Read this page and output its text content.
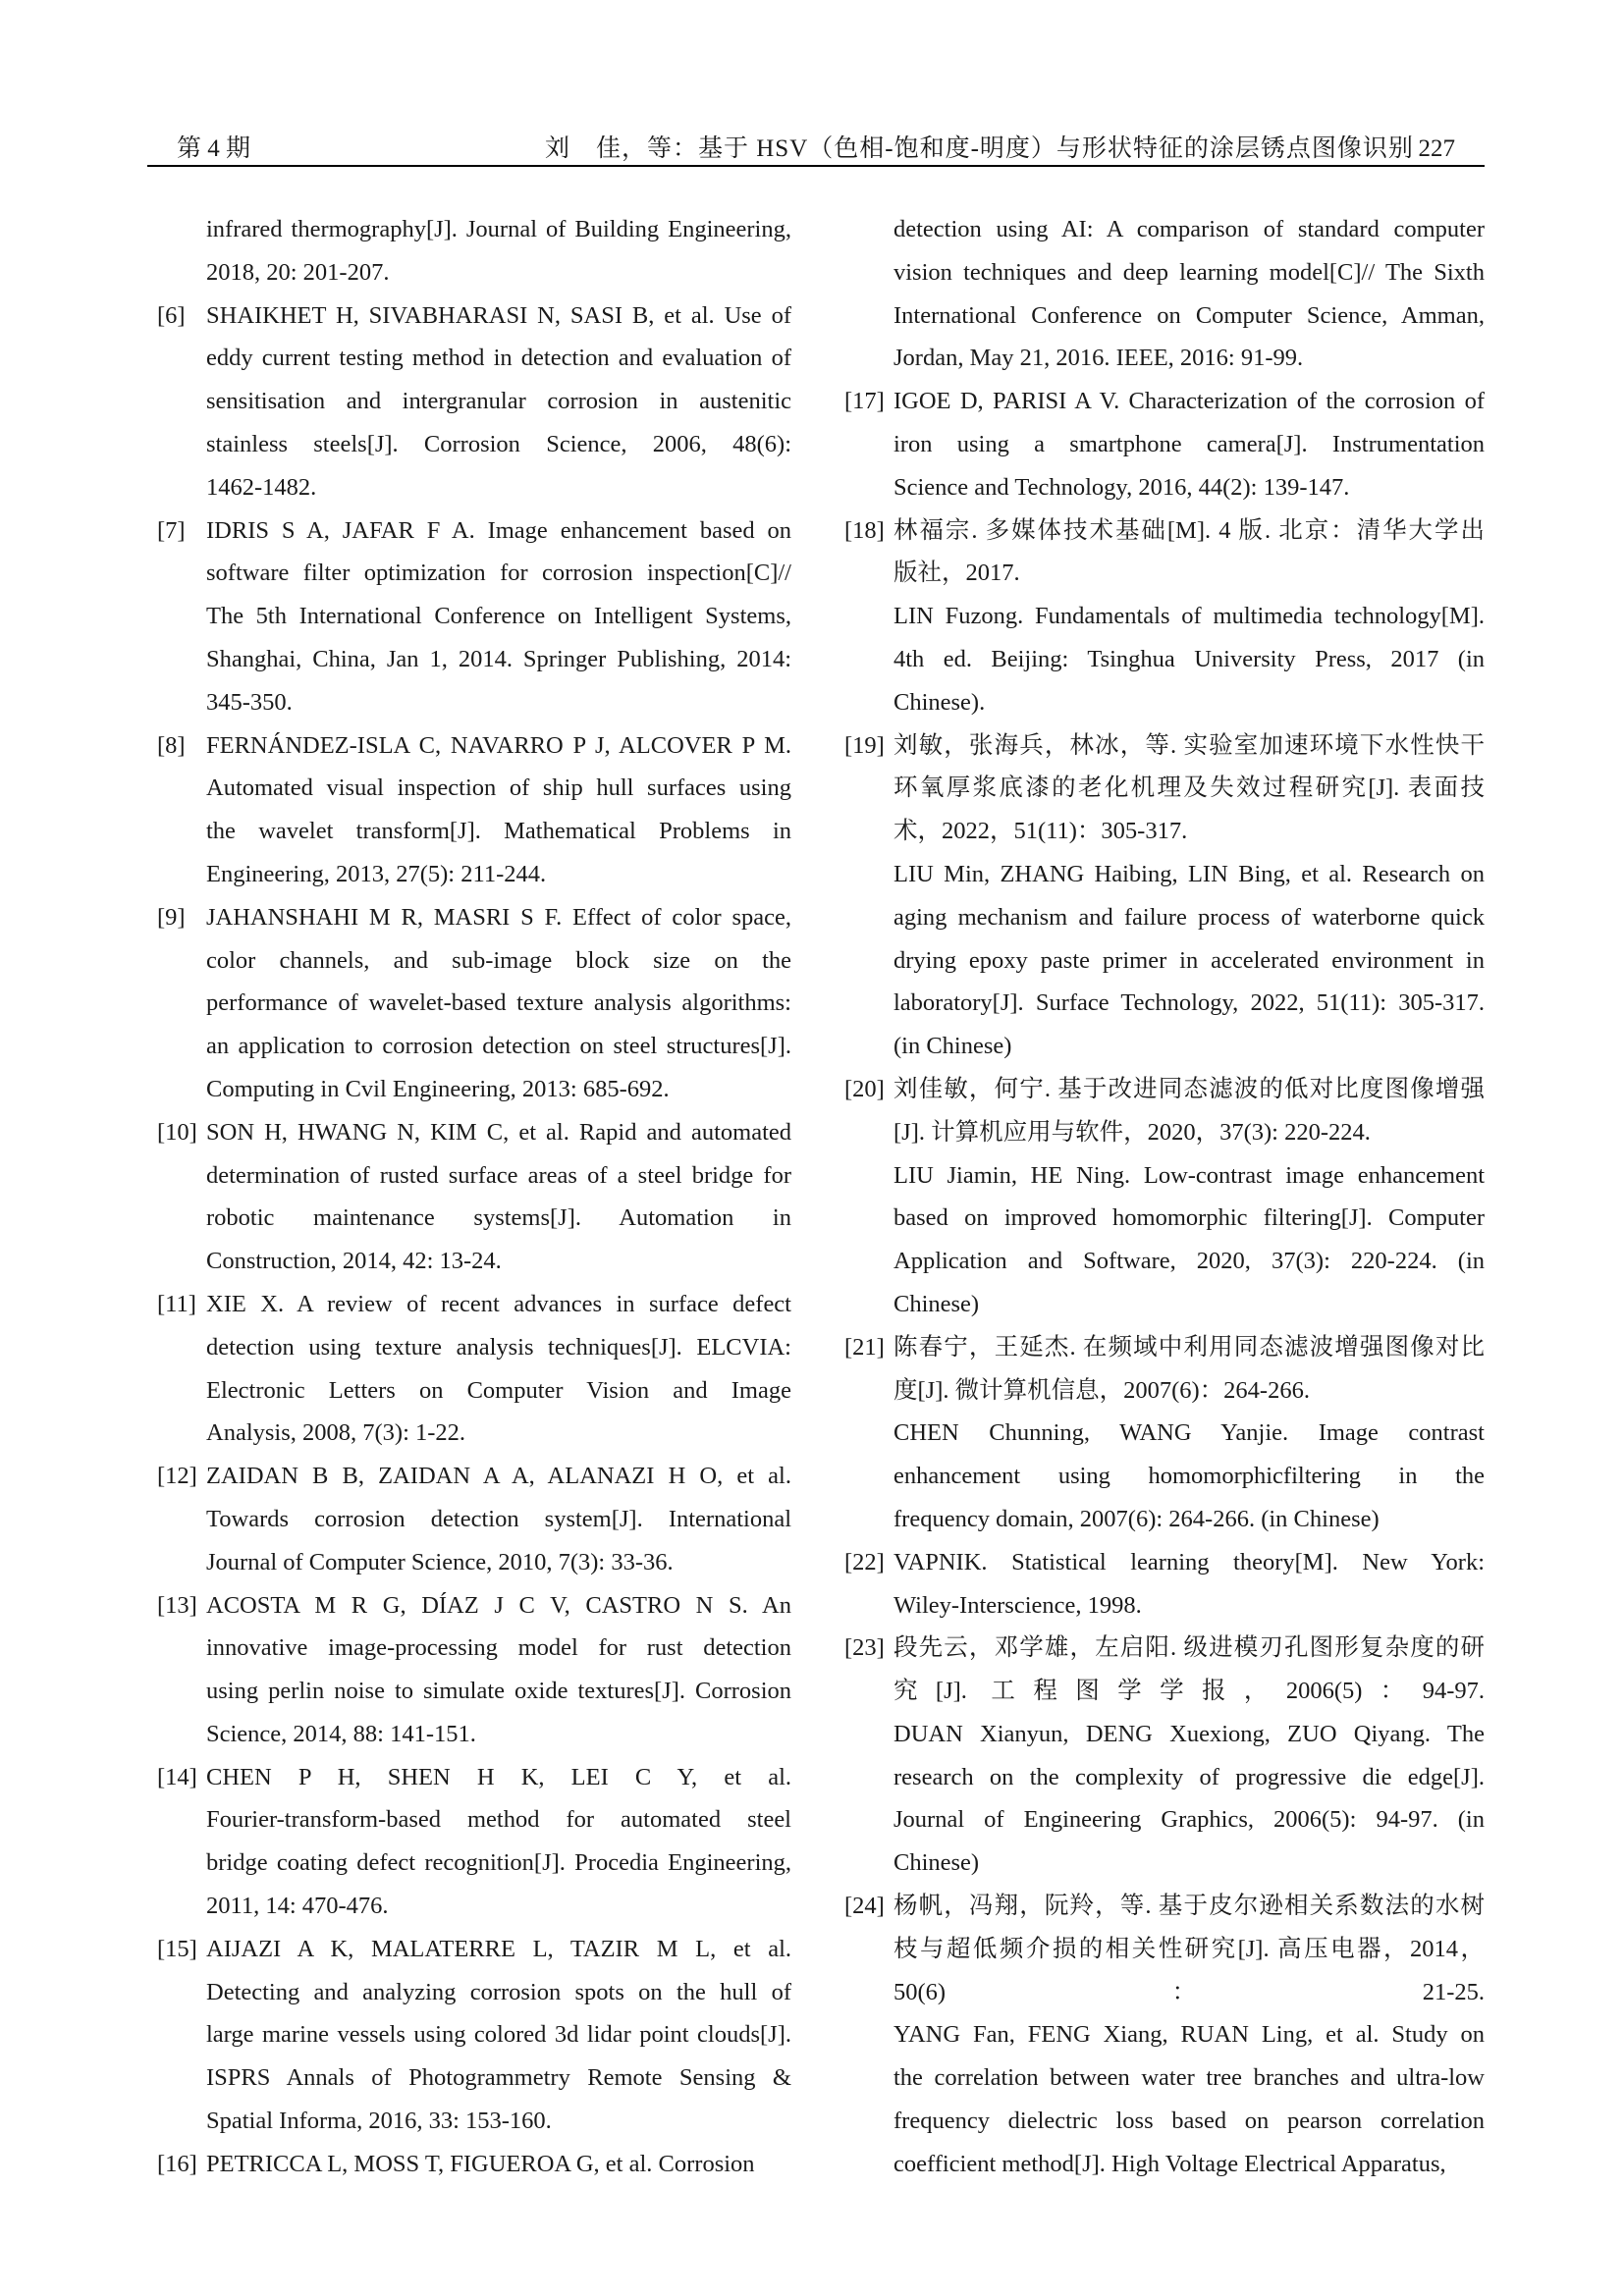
第 4 期	刘　佳，等：基于 HSV（色相-饱和度-明度）与形状特征的涂层锈点图像识别 227
infrared thermography[J]. Journal of Building Engineering,
2018, 20: 201-207.
[6] SHAIKHET H, SIVABHARASI N, SASI B, et al. Use of
eddy current testing method in detection and evaluation of
sensitisation and intergranular corrosion in austenitic
stainless steels[J]. Corrosion Science, 2006, 48(6):
1462-1482.
[7] IDRIS S A, JAFAR F A. Image enhancement based on
software filter optimization for corrosion inspection[C]//
The 5th International Conference on Intelligent Systems,
Shanghai, China, Jan 1, 2014. Springer Publishing, 2014:
345-350.
[8] FERNÁNDEZ-ISLA C, NAVARRO P J, ALCOVER P M.
Automated visual inspection of ship hull surfaces using
the wavelet transform[J]. Mathematical Problems in
Engineering, 2013, 27(5): 211-244.
[9] JAHANSHAHI M R, MASRI S F. Effect of color space,
color channels, and sub-image block size on the
performance of wavelet-based texture analysis algorithms:
an application to corrosion detection on steel structures[J].
Computing in Cvil Engineering, 2013: 685-692.
[10] SON H, HWANG N, KIM C, et al. Rapid and automated
determination of rusted surface areas of a steel bridge for
robotic maintenance systems[J]. Automation in
Construction, 2014, 42: 13-24.
[11] XIE X. A review of recent advances in surface defect
detection using texture analysis techniques[J]. ELCVIA:
Electronic Letters on Computer Vision and Image
Analysis, 2008, 7(3): 1-22.
[12] ZAIDAN B B, ZAIDAN A A, ALANAZI H O, et al.
Towards corrosion detection system[J]. International
Journal of Computer Science, 2010, 7(3): 33-36.
[13] ACOSTA M R G, DÍAZ J C V, CASTRO N S. An
innovative image-processing model for rust detection
using perlin noise to simulate oxide textures[J]. Corrosion
Science, 2014, 88: 141-151.
[14] CHEN P H, SHEN H K, LEI C Y, et al.
Fourier-transform-based method for automated steel
bridge coating defect recognition[J]. Procedia Engineering,
2011, 14: 470-476.
[15] AIJAZI A K, MALATERRE L, TAZIR M L, et al.
Detecting and analyzing corrosion spots on the hull of
large marine vessels using colored 3d lidar point clouds[J].
ISPRS Annals of Photogrammetry Remote Sensing &
Spatial Informa, 2016, 33: 153-160.
[16] PETRICCA L, MOSS T, FIGUEROA G, et al. Corrosion
detection using AI: A comparison of standard computer
vision techniques and deep learning model[C]// The Sixth
International Conference on Computer Science, Amman,
Jordan, May 21, 2016. IEEE, 2016: 91-99.
[17] IGOE D, PARISI A V. Characterization of the corrosion of
iron using a smartphone camera[J]. Instrumentation
Science and Technology, 2016, 44(2): 139-147.
[18] 林福宗. 多媒体技术基础[M]. 4 版. 北京：清华大学出
版社，2017.
LIN Fuzong. Fundamentals of multimedia technology[M].
4th ed. Beijing: Tsinghua University Press, 2017 (in
Chinese).
[19] 刘敏，张海兵，林冰，等. 实验室加速环境下水性快干
环氧厚浆底漆的老化机理及失效过程研究[J]. 表面技
术，2022，51(11)：305-317.
LIU Min, ZHANG Haibing, LIN Bing, et al. Research on
aging mechanism and failure process of waterborne quick
drying epoxy paste primer in accelerated environment in
laboratory[J]. Surface Technology, 2022, 51(11): 305-317.
(in Chinese)
[20] 刘佳敏，何宁. 基于改进同态滤波的低对比度图像增强
[J]. 计算机应用与软件，2020，37(3): 220-224.
LIU Jiamin, HE Ning. Low-contrast image enhancement
based on improved homomorphic filtering[J]. Computer
Application and Software, 2020, 37(3): 220-224. (in
Chinese)
[21] 陈春宁，王延杰. 在频域中利用同态滤波增强图像对比
度[J]. 微计算机信息，2007(6)：264-266.
CHEN Chunning, WANG Yanjie. Image contrast
enhancement using homomorphicfiltering in the
frequency domain, 2007(6): 264-266. (in Chinese)
[22] VAPNIK. Statistical learning theory[M]. New York:
Wiley-Interscience, 1998.
[23] 段先云，邓学雄，左启阳. 级进模刃孔图形复杂度的研
究[J]. 工程图学学报，2006(5)：94-97.
DUAN Xianyun, DENG Xuexiong, ZUO Qiyang. The
research on the complexity of progressive die edge[J].
Journal of Engineering Graphics, 2006(5): 94-97. (in
Chinese)
[24] 杨帆，冯翔，阮羚，等. 基于皮尔逊相关系数法的水树
枝与超低频介损的相关性研究[J]. 高压电器，2014，
50(6)：21-25.
YANG Fan, FENG Xiang, RUAN Ling, et al. Study on
the correlation between water tree branches and ultra-low
frequency dielectric loss based on pearson correlation
coefficient method[J]. High Voltage Electrical Apparatus,
